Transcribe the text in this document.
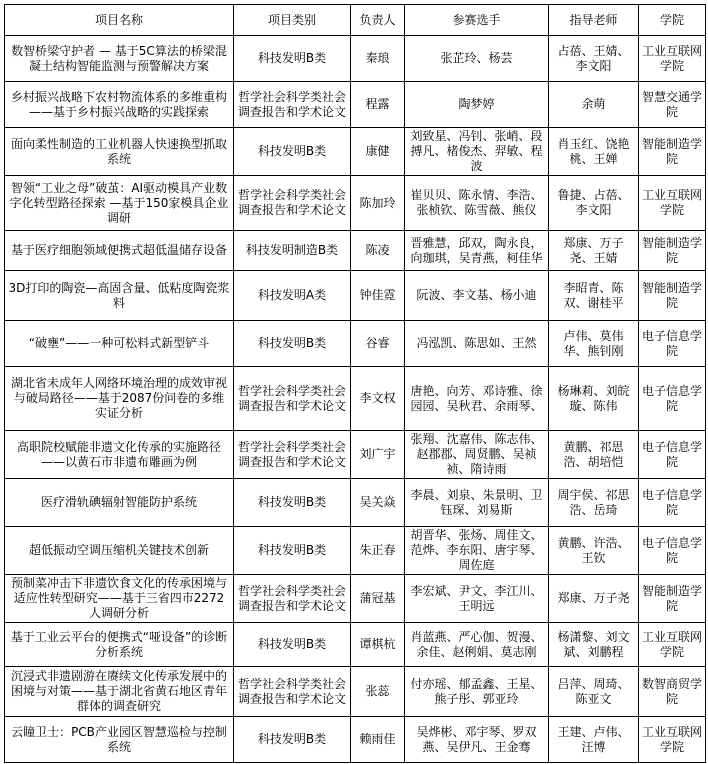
项目名称	项目类别	负责人	参赛选手	指导老师	学院
数智桥梁守护者 — 基于5C算法的桥梁混凝土结构智能监测与预警解决方案	科技发明B类	秦琅	张芷玲、杨芸	占蓓、王婧、李文阳	工业互联网学院
乡村振兴战略下农村物流体系的多维重构——基于乡村振兴战略的实践探索	哲学社会科学类社会调查报告和学术论文	程露	陶梦婷	余萌	智慧交通学院
面向柔性制造的工业机器人快速换型抓取系统	科技发明B类	康健	刘致星、冯钊、张峭、段搏凡、楮俊杰、羿敏、程波	肖玉红、饶艳桃、王婵	智能制造学院
智领“工业之母”破茧：AI驱动模具产业数字化转型路径探索 —基于150家模具企业调研	哲学社会科学类社会调查报告和学术论文	陈加玲	崔贝贝、陈永情、李浩、张桢钦、陈雪薇、熊仪	鲁捷、占蓓、李文阳	工业互联网学院
基于医疗细胞领域便携式超低温储存设备	科技发明制造B类	陈凌	晋雅慧，邱双，陶永良，向珈琪，吴青燕，柯佳华	郑康、万子尧、王婧	智能制造学院
3D打印的陶瓷—高固含量、低粘度陶瓷浆料	科技发明A类	钟佳霓	阮波、李文基、杨小迪	李昭青、陈双、谢桂平	智能制造学院
“破壅”——一种可松料式新型铲斗	科技发明B类	谷睿	冯泓凯、陈思如、王然	卢伟、莫伟华、熊钊刚	电子信息学院
湖北省未成年人网络环境治理的成效审视与破局路径——基于2087份问卷的多维实证分析	哲学社会科学类社会调查报告和学术论文	李文权	唐艳、向芳、邓诗雅、徐园园、吴秋君、余雨琴、	杨琳莉、刘皖璇、陈伟	电子信息学院
高职院校赋能非遗文化传承的实施路径——以黄石市非遗布雕画为例	哲学社会科学类社会调查报告和学术论文	刘广宇	张翔、沈嘉伟、陈志伟、赵郡郡、周贤鹏、吴祯祯、隋诗雨	黄鹏、祁思浩、胡培恺	电子信息学院
医疗滑轨碘辐射智能防护系统	科技发明B类	吴关焱	李晨、刘泉、朱景明、卫钰琛、刘易斯	周宇侯、祁思浩、岳琦	电子信息学院
超低振动空调压缩机关键技术创新	科技发明B类	朱正春	胡晋华、张炀、周佳文、范烨、李东阳、唐宇琴、周佐庭	黄鹏、许浩、王钦	电子信息学院
预制菜冲击下非遗饮食文化的传承困境与适应性转型研究——基于三省四市2272人调研分析	哲学社会科学类社会调查报告和学术论文	蒲冠基	李宏斌、尹文、李江川、王明远	郑康、万子尧	智能制造学院
基于工业云平台的便携式“哑设备”的诊断分析系统	科技发明B类	谭棋杭	肖蓝燕、严心伽、贺漫、余佳、赵俐娟、莫志刚	杨潇黎、刘文斌、刘鹏程	工业互联网学院
沉浸式非遗剧游在赓续文化传承发展中的困境与对策——基于湖北省黄石地区青年群体的调查研究	哲学社会科学类社会调查报告和学术论文	张蕊	付亦瑶、郁孟鑫、王星、熊子彤、郭亚玲	吕萍、周琦、陈亚文	数智商贸学院
云瞳卫士：PCB产业园区智慧巡检与控制系统	科技发明B类	赖雨佳	吴烨彬、邓宇琴、罗双燕、吴伊凡、王金骞	王建、卢伟、汪博	工业互联网学院
